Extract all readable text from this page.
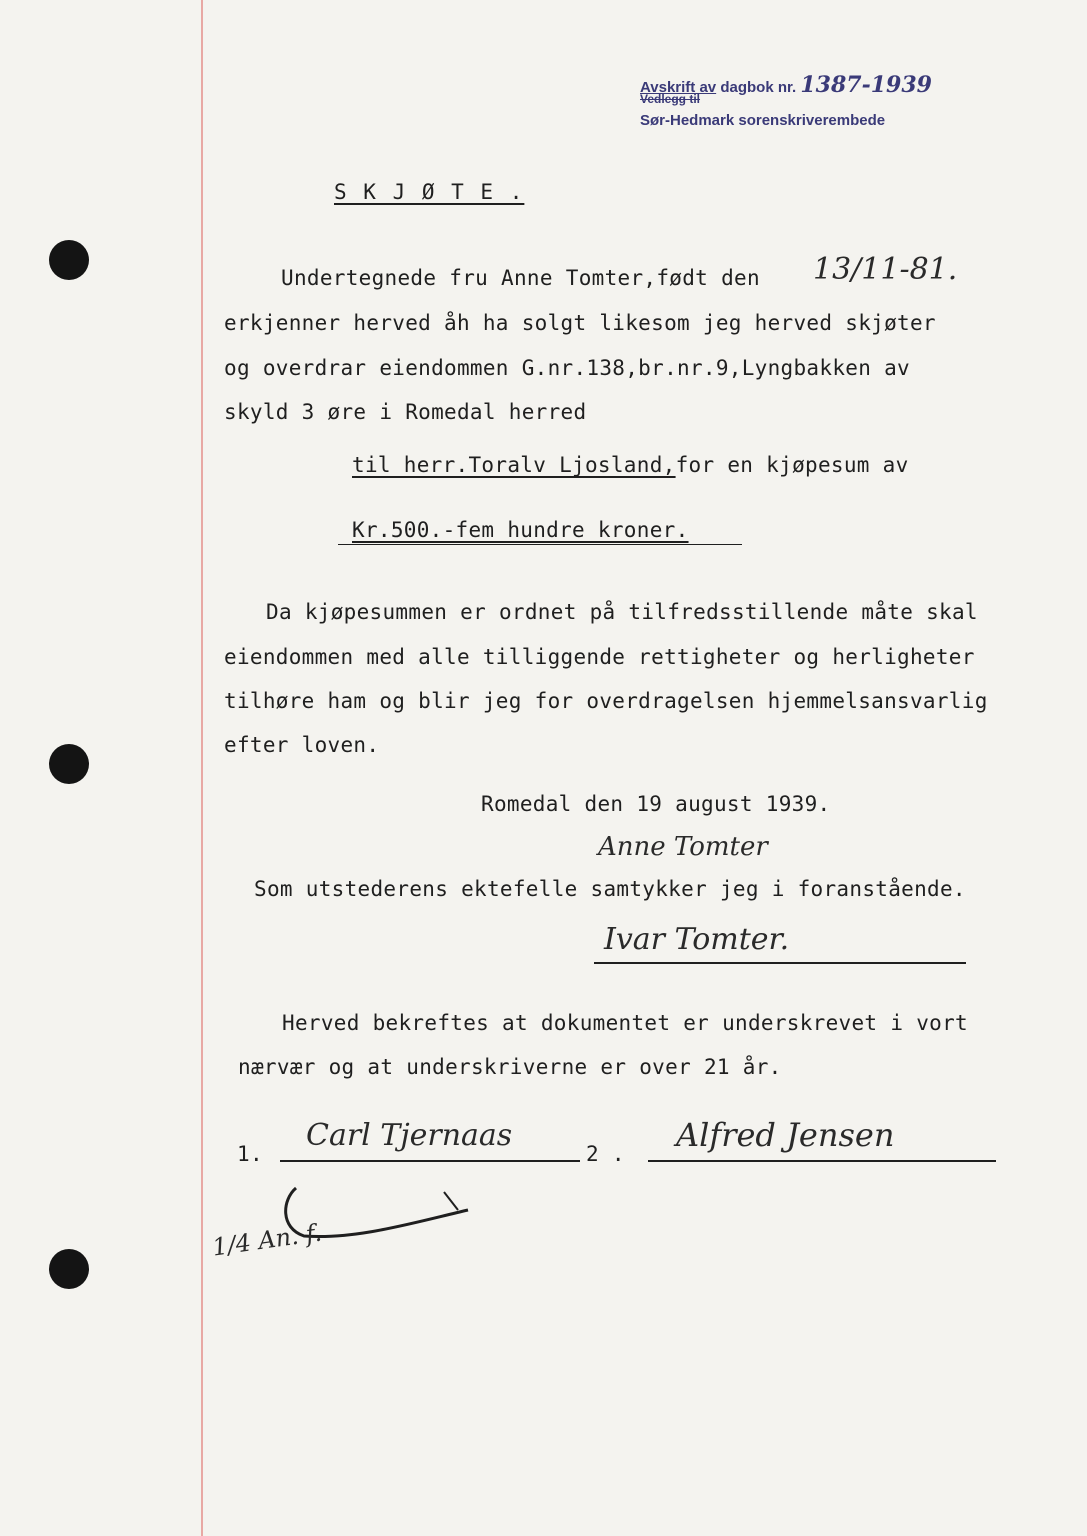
Avskrift av dagbok nr. 1387-1939
Vedlegg til
Sør-Hedmark sorenskriverembede
S K J Ø T E .
Undertegnede fru Anne Tomter,født den 13/11-81.
erkjenner herved åh ha solgt likesom jeg herved skjøter
og overdrar eiendommen G.nr.138,br.nr.9,Lyngbakken av
skyld 3 øre i Romedal herred
til herr.Toralv Ljosland,for en kjøpesum av
Kr.500.-fem hundre kroner.
Da kjøpesummen er ordnet på tilfredsstillende måte skal
eiendommen med alle tilliggende rettigheter og herligheter
tilhøre ham og blir jeg for overdragelsen hjemmelsansvarlig
efter loven.
Romedal den 19 august 1939.
Anne Tomter
Som utstederens ektefelle samtykker jeg i foranstående.
Ivar Tomter.
Herved bekreftes at dokumentet er underskrevet i vort
nærvær og at underskriverne er over 21 år.
1.
Carl Tjernaas
2 . Alfred Jensen
1/4 An. f.
